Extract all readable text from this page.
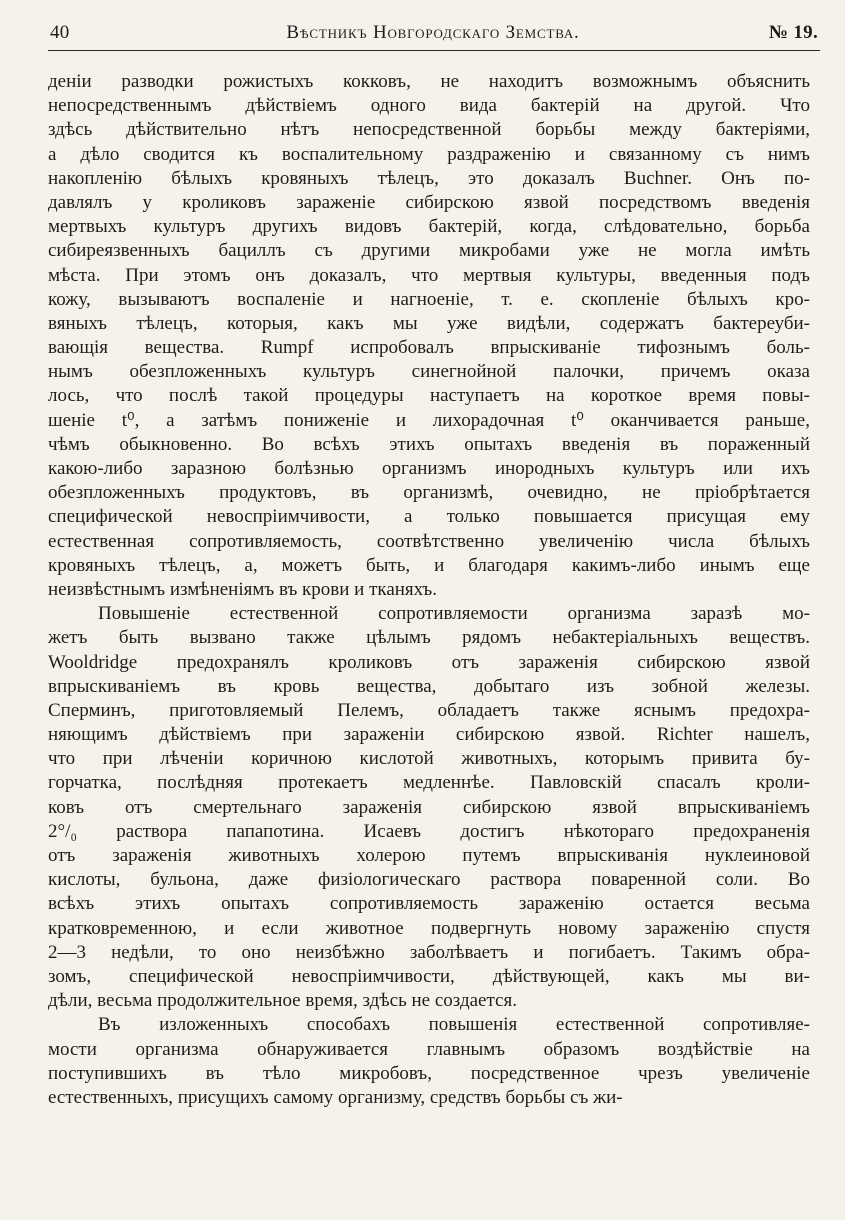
40	Вѣстникъ Новгородскаго Земства.	№ 19.
деніи разводки рожистыхъ кокковъ, не находитъ возможнымъ объяснить
непосредственнымъ дѣйствіемъ одного вида бактерій на другой. Что
здѣсь дѣйствительно нѣтъ непосредственной борьбы между бактеріями,
а дѣло сводится къ воспалительному раздраженію и связанному съ нимъ
накопленію бѣлыхъ кровяныхъ тѣлецъ, это доказалъ Buchner. Онъ по-
давлялъ у кроликовъ зараженіе сибирскою язвой посредствомъ введенія
мертвыхъ культуръ другихъ видовъ бактерій, когда, слѣдовательно, борьба
сибиреязвенныхъ бациллъ съ другими микробами уже не могла имѣть
мѣста. При этомъ онъ доказалъ, что мертвыя культуры, введенныя подъ
кожу, вызываютъ воспаленіе и нагноеніе, т. е. скопленіе бѣлыхъ кро-
вяныхъ тѣлецъ, которыя, какъ мы уже видѣли, содержатъ бактереуби-
вающія вещества. Rumpf испробовалъ впрыскиваніе тифознымъ боль-
нымъ обезпложенныхъ культуръ синегнойной палочки, причемъ оказа
лось, что послѣ такой процедуры наступаетъ на короткое время повы-
шеніе t⁰, а затѣмъ пониженіе и лихорадочная t⁰ оканчивается раньше,
чѣмъ обыкновенно. Во всѣхъ этихъ опытахъ введенія въ пораженный
какою-либо заразною болѣзнью организмъ инородныхъ культуръ или ихъ
обезпложенныхъ продуктовъ, въ организмѣ, очевидно, не пріобрѣтается
специфической невоспріимчивости, а только повышается присущая ему
естественная сопротивляемость, соотвѣтственно увеличенію числа бѣлыхъ
кровяныхъ тѣлецъ, а, можетъ быть, и благодаря какимъ-либо инымъ еще
неизвѣстнымъ измѣненіямъ въ крови и тканяхъ.
Повышеніе естественной сопротивляемости организма заразѣ мо-
жетъ быть вызвано также цѣлымъ рядомъ небактеріальныхъ веществъ.
Wooldridge предохранялъ кроликовъ отъ зараженія сибирскою язвой
впрыскиваніемъ въ кровь вещества, добытаго изъ зобной железы.
Сперминъ, приготовляемый Пелемъ, обладаетъ также яснымъ предохра-
няющимъ дѣйствіемъ при зараженіи сибирскою язвой. Richter нашелъ,
что при лѣченіи коричною кислотой животныхъ, которымъ привита бу-
горчатка, послѣдняя протекаетъ медленнѣе. Павловскій спасалъ кроли-
ковъ отъ смертельнаго зараженія сибирскою язвой впрыскиваніемъ
2°/₀ раствора папапотина. Исаевъ достигъ нѣкотораго предохраненія
отъ зараженія животныхъ холерою путемъ впрыскиванія нуклеиновой
кислоты, бульона, даже физіологическаго раствора поваренной соли. Во
всѣхъ этихъ опытахъ сопротивляемость зараженію остается весьма
кратковременною, и если животное подвергнуть новому зараженію спустя
2—3 недѣли, то оно неизбѣжно заболѣваетъ и погибаетъ. Такимъ обра-
зомъ, специфической невоспріимчивости, дѣйствующей, какъ мы ви-
дѣли, весьма продолжительное время, здѣсь не создается.
Въ изложенныхъ способахъ повышенія естественной сопротивляе-
мости организма обнаруживается главнымъ образомъ воздѣйствіе на
поступившихъ въ тѣло микробовъ, посредственное чрезъ увеличеніе
естественныхъ, присущихъ самому организму, средствъ борьбы съ жи-
